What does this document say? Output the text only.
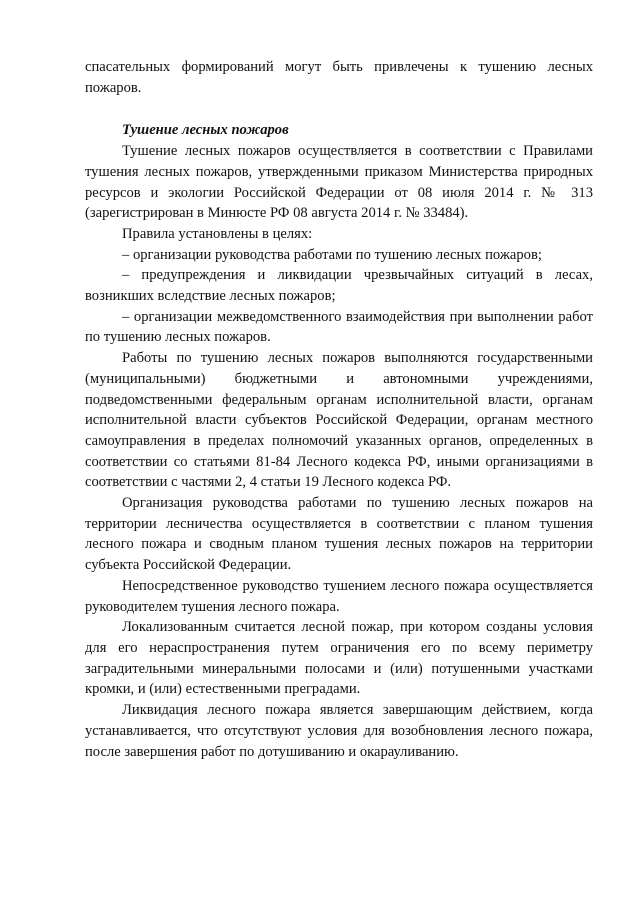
спасательных формирований могут быть привлечены к тушению лесных пожаров.

Тушение лесных пожаров

Тушение лесных пожаров осуществляется в соответствии с Правилами тушения лесных пожаров, утвержденными приказом Министерства природных ресурсов и экологии Российской Федерации от 08 июля 2014 г. № 313 (зарегистрирован в Минюсте РФ 08 августа 2014 г. № 33484).

Правила установлены в целях:

– организации руководства работами по тушению лесных пожаров;

– предупреждения и ликвидации чрезвычайных ситуаций в лесах, возникших вследствие лесных пожаров;

– организации межведомственного взаимодействия при выполнении работ по тушению лесных пожаров.

Работы по тушению лесных пожаров выполняются государственными (муниципальными) бюджетными и автономными учреждениями, подведомственными федеральным органам исполнительной власти, органам исполнительной власти субъектов Российской Федерации, органам местного самоуправления в пределах полномочий указанных органов, определенных в соответствии со статьями 81-84 Лесного кодекса РФ, иными организациями в соответствии с частями 2, 4 статьи 19 Лесного кодекса РФ.

Организация руководства работами по тушению лесных пожаров на территории лесничества осуществляется в соответствии с планом тушения лесного пожара и сводным планом тушения лесных пожаров на территории субъекта Российской Федерации.

Непосредственное руководство тушением лесного пожара осуществляется руководителем тушения лесного пожара.

Локализованным считается лесной пожар, при котором созданы условия для его нераспространения путем ограничения его по всему периметру заградительными минеральными полосами и (или) потушенными участками кромки, и (или) естественными преградами.

Ликвидация лесного пожара является завершающим действием, когда устанавливается, что отсутствуют условия для возобновления лесного пожара, после завершения работ по дотушиванию и окарауливанию.
